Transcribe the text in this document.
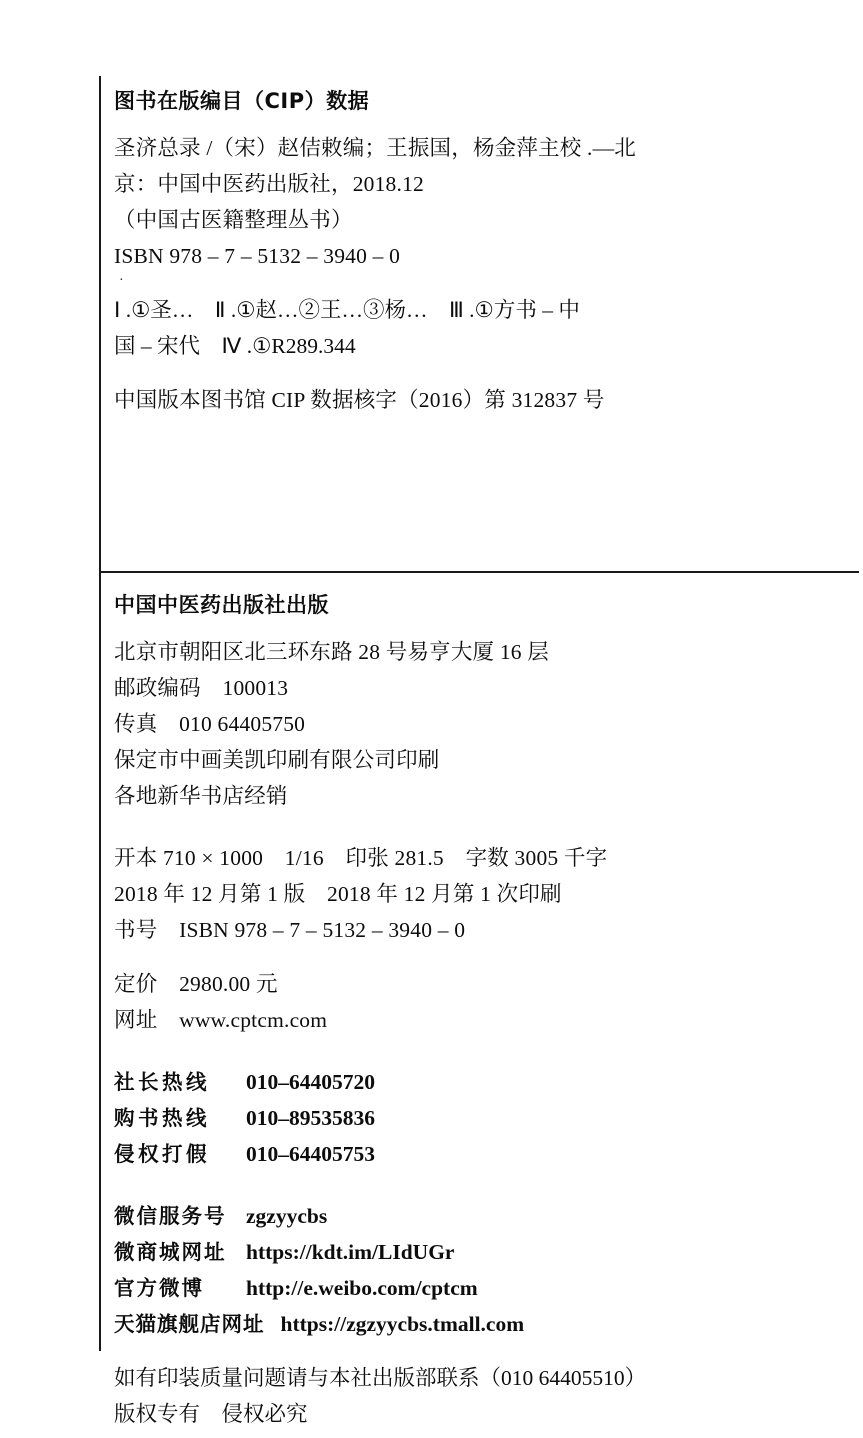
图书在版编目（CIP）数据
圣济总录 /（宋）赵佶敕编；王振国，杨金萍主校 .—北
京：中国中医药出版社，2018.12
（中国古医籍整理丛书）
ISBN 978 – 7 – 5132 – 3940 – 0
Ⅰ .①圣…　Ⅱ .①赵…②王…③杨…　Ⅲ .①方书 – 中
国 – 宋代　Ⅳ .①R289.344
中国版本图书馆 CIP 数据核字（2016）第 312837 号
中国中医药出版社出版
北京市朝阳区北三环东路 28 号易亨大厦 16 层
邮政编码　100013
传真　010 64405750
保定市中画美凯印刷有限公司印刷
各地新华书店经销
开本 710 × 1000　1/16　印张 281.5　字数 3005 千字
2018 年 12 月第 1 版　2018 年 12 月第 1 次印刷
书号　ISBN 978 – 7 – 5132 – 3940 – 0
定价　2980.00 元
网址　www.cptcm.com
社长热线 010–64405720
购书热线 010–89535836
侵权打假 010–64405753
微信服务号 zgzyycbs
微商城网址 https://kdt.im/LIdUGr
官方微博 http://e.weibo.com/cptcm
天猫旗舰店网址 https://zgzyycbs.tmall.com
如有印装质量问题请与本社出版部联系（010 64405510）
版权专有　侵权必究
·
